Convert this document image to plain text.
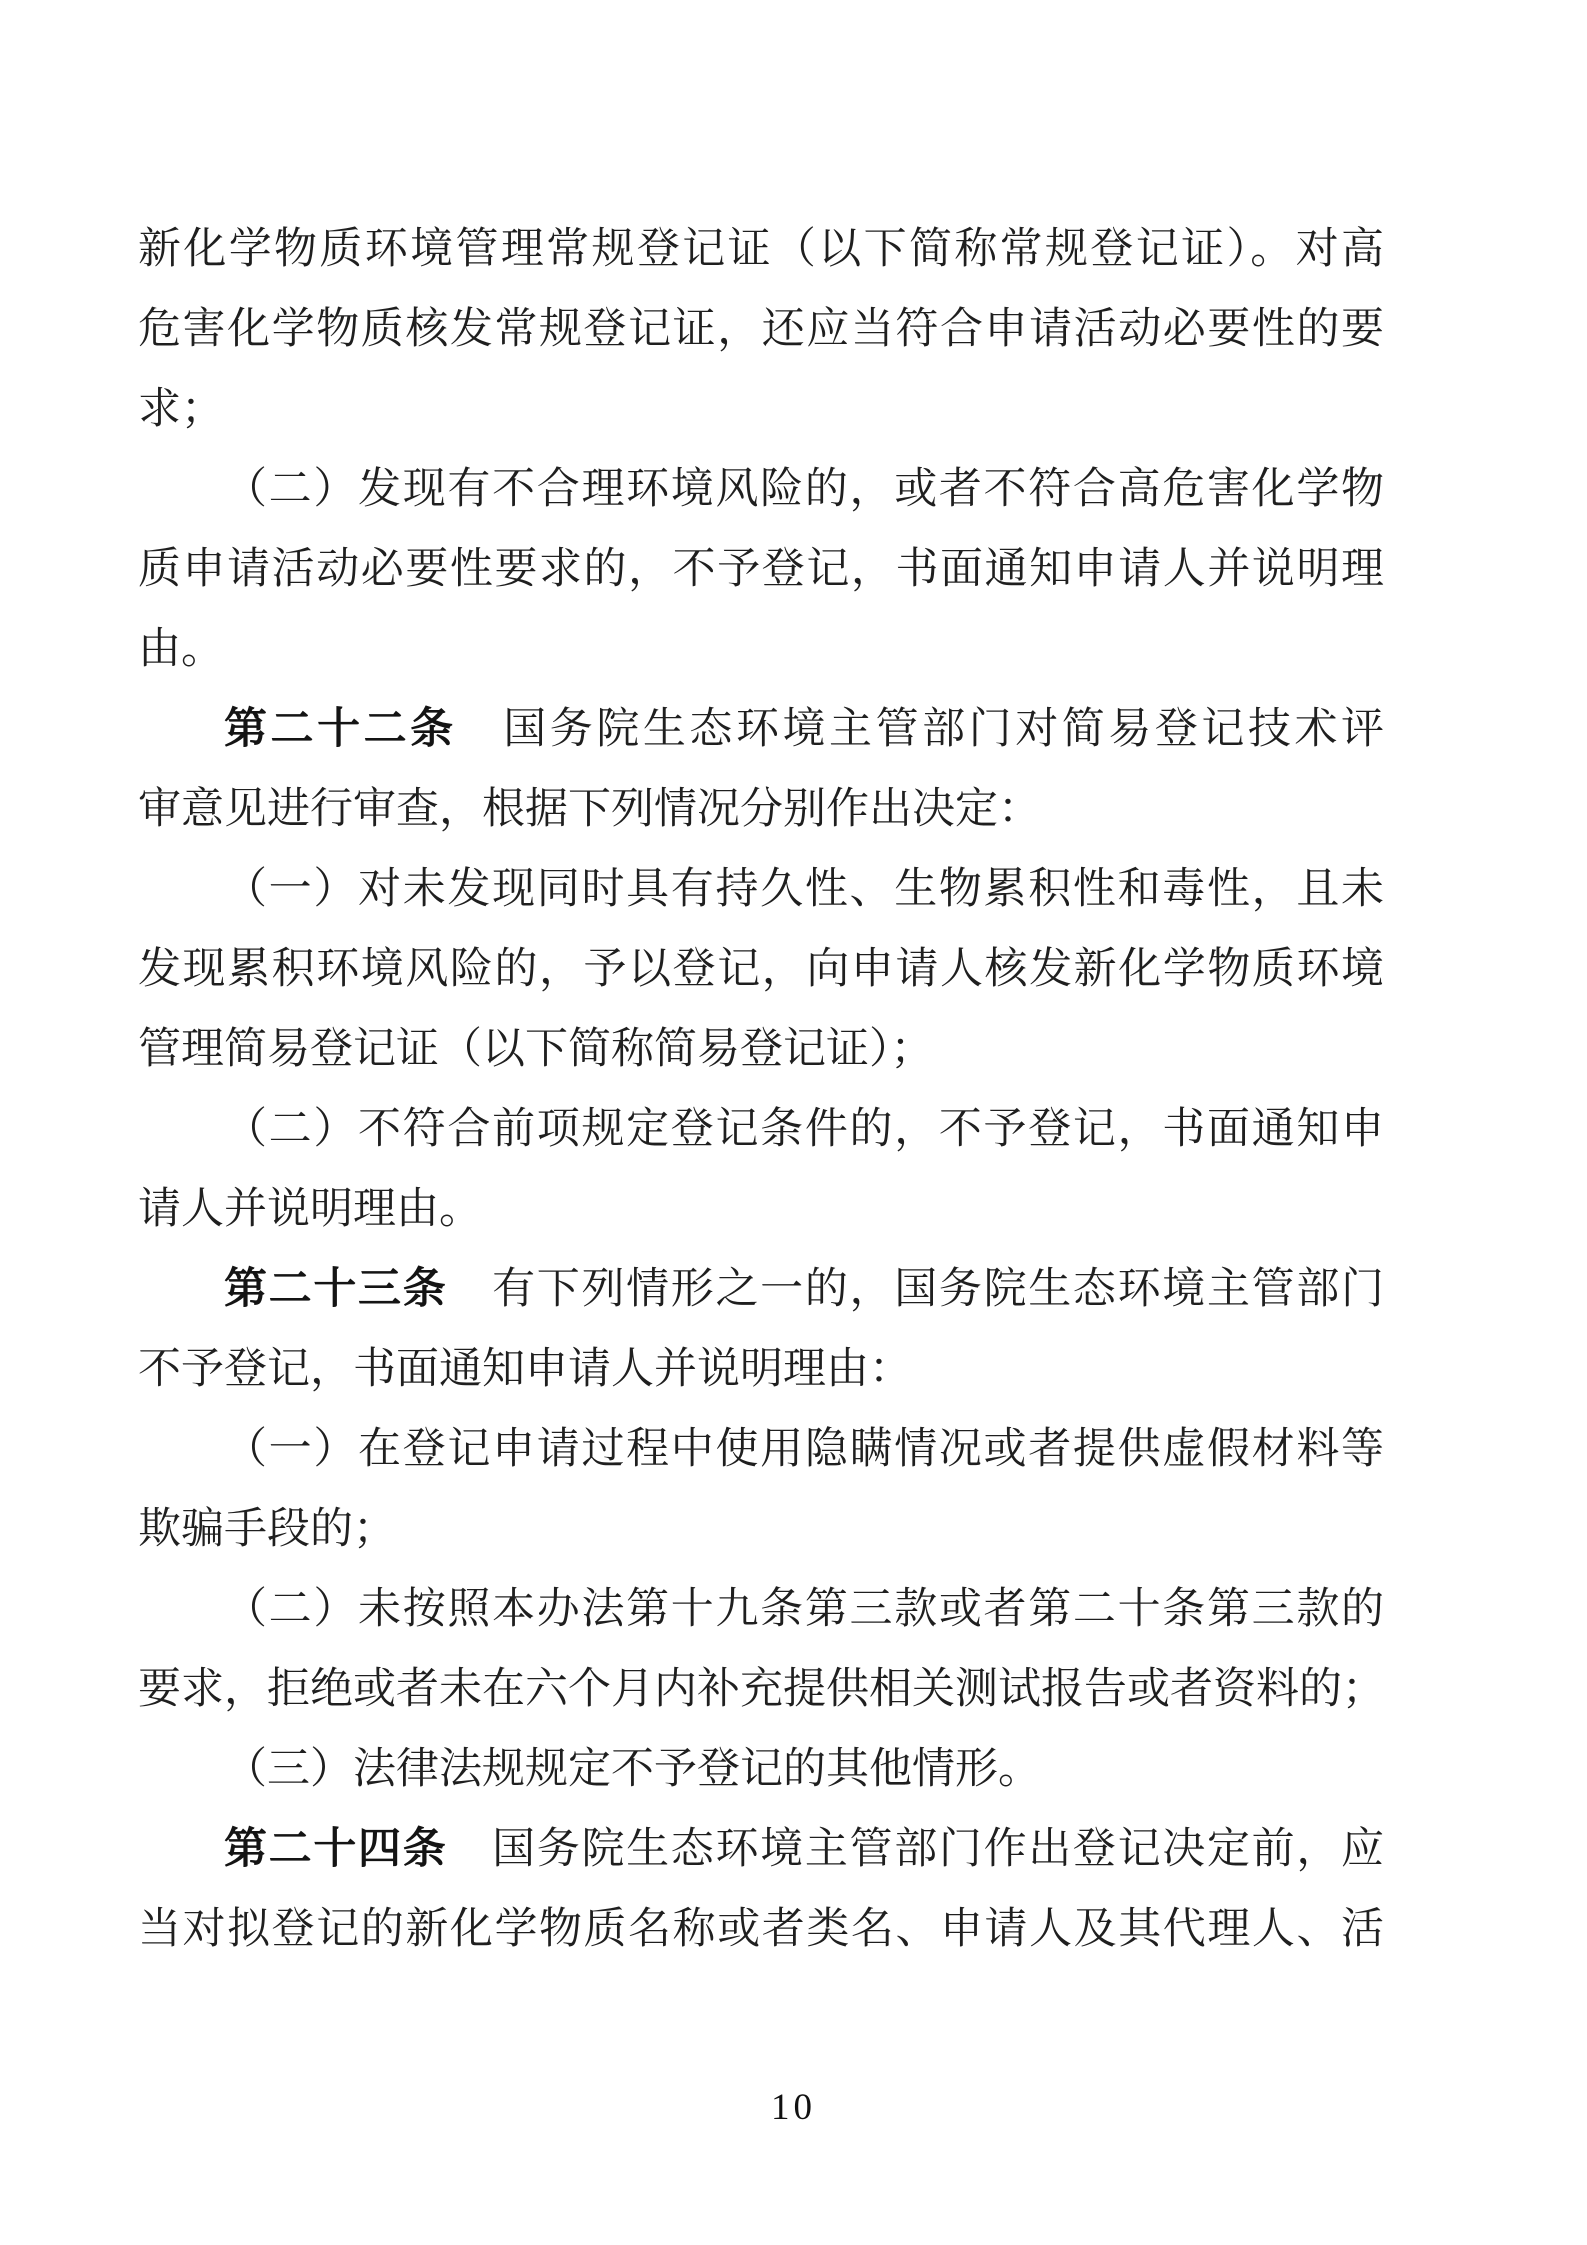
新化学物质环境管理常规登记证（以下简称常规登记证）。对高
危害化学物质核发常规登记证，还应当符合申请活动必要性的要
求；
（二）发现有不合理环境风险的，或者不符合高危害化学物
质申请活动必要性要求的，不予登记，书面通知申请人并说明理
由。
第二十二条　国务院生态环境主管部门对简易登记技术评
审意见进行审查，根据下列情况分别作出决定：
（一）对未发现同时具有持久性、生物累积性和毒性，且未
发现累积环境风险的，予以登记，向申请人核发新化学物质环境
管理简易登记证（以下简称简易登记证）；
（二）不符合前项规定登记条件的，不予登记，书面通知申
请人并说明理由。
第二十三条　有下列情形之一的，国务院生态环境主管部门
不予登记，书面通知申请人并说明理由：
（一）在登记申请过程中使用隐瞒情况或者提供虚假材料等
欺骗手段的；
（二）未按照本办法第十九条第三款或者第二十条第三款的
要求，拒绝或者未在六个月内补充提供相关测试报告或者资料的；
（三）法律法规规定不予登记的其他情形。
第二十四条　国务院生态环境主管部门作出登记决定前，应
当对拟登记的新化学物质名称或者类名、申请人及其代理人、活
10
